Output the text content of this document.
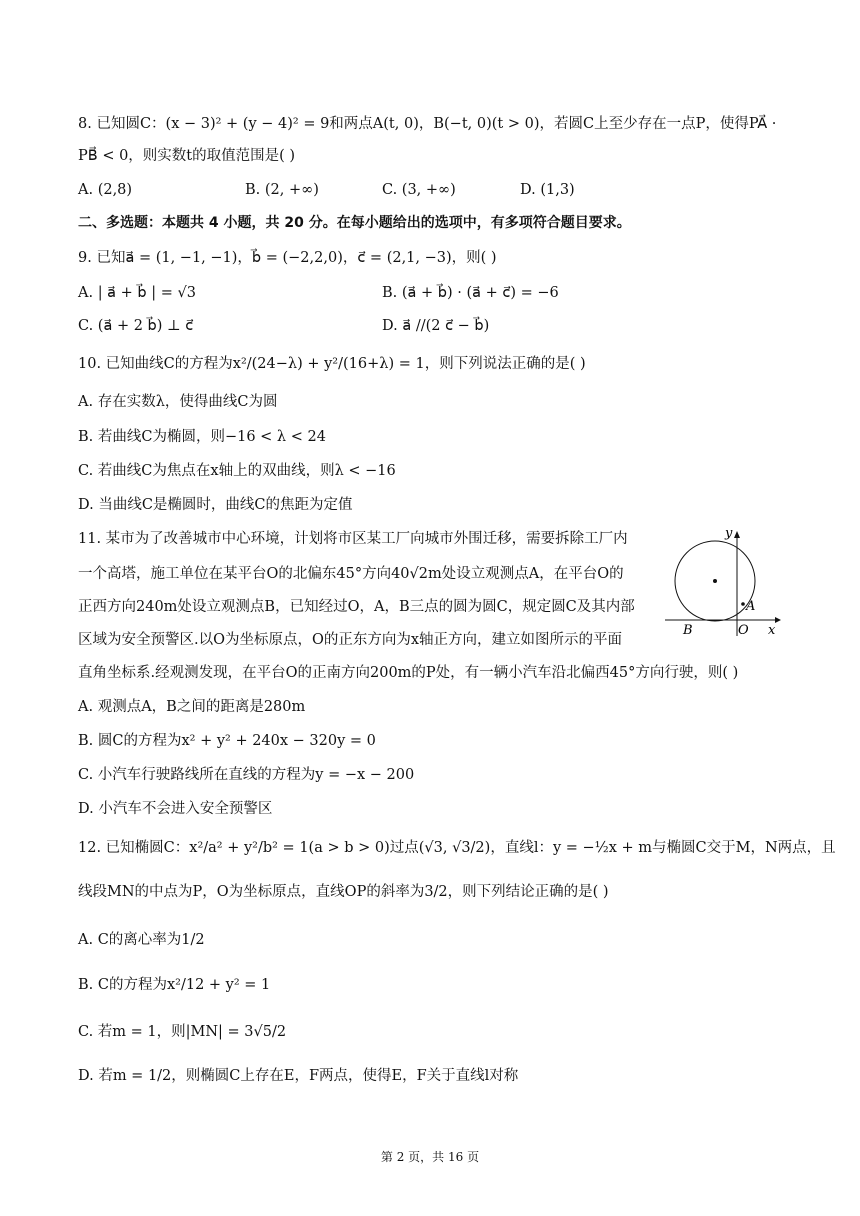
8. 已知圆C：(x − 3)² + (y − 4)² = 9和两点A(t, 0)，B(−t, 0)(t > 0)，若圆C上至少存在一点P，使得PA⃗ ·
PB⃗ < 0，则实数t的取值范围是( )
A. (2,8)	B. (2, +∞)	C. (3, +∞)	D. (1,3)
二、多选题：本题共 4 小题，共 20 分。在每小题给出的选项中，有多项符合题目要求。
9. 已知a⃗ = (1, −1, −1)，b⃗ = (−2,2,0)，c⃗ = (2,1, −3)，则( )
A. | a⃗ + b⃗ | = √3	B. (a⃗ + b⃗) · (a⃗ + c⃗) = −6
C. (a⃗ + 2 b⃗) ⊥ c⃗	D. a⃗ //(2 c⃗ − b⃗)
10. 已知曲线C的方程为x²/(24−λ) + y²/(16+λ) = 1，则下列说法正确的是( )
A. 存在实数λ，使得曲线C为圆
B. 若曲线C为椭圆，则−16 < λ < 24
C. 若曲线C为焦点在x轴上的双曲线，则λ < −16
D. 当曲线C是椭圆时，曲线C的焦距为定值
11. 某市为了改善城市中心环境，计划将市区某工厂向城市外围迁移，需要拆除工厂内
一个高塔，施工单位在某平台O的北偏东45°方向40√2m处设立观测点A，在平台O的
正西方向240m处设立观测点B，已知经过O，A，B三点的圆为圆C，规定圆C及其内部
区域为安全预警区.以O为坐标原点，O的正东方向为x轴正方向，建立如图所示的平面
直角坐标系.经观测发现，在平台O的正南方向200m的P处，有一辆小汽车沿北偏西45°方向行驶，则( )
A. 观测点A，B之间的距离是280m
B. 圆C的方程为x² + y² + 240x − 320y = 0
C. 小汽车行驶路线所在直线的方程为y = −x − 200
D. 小汽车不会进入安全预警区
y
x
O
A
B
12. 已知椭圆C：x²/a² + y²/b² = 1(a > b > 0)过点(√3, √3/2)，直线l：y = −½x + m与椭圆C交于M，N两点，且
线段MN的中点为P，O为坐标原点，直线OP的斜率为3/2，则下列结论正确的是( )
A. C的离心率为1/2
B. C的方程为x²/12 + y² = 1
C. 若m = 1，则|MN| = 3√5/2
D. 若m = 1/2，则椭圆C上存在E，F两点，使得E，F关于直线l对称
第 2 页，共 16 页
